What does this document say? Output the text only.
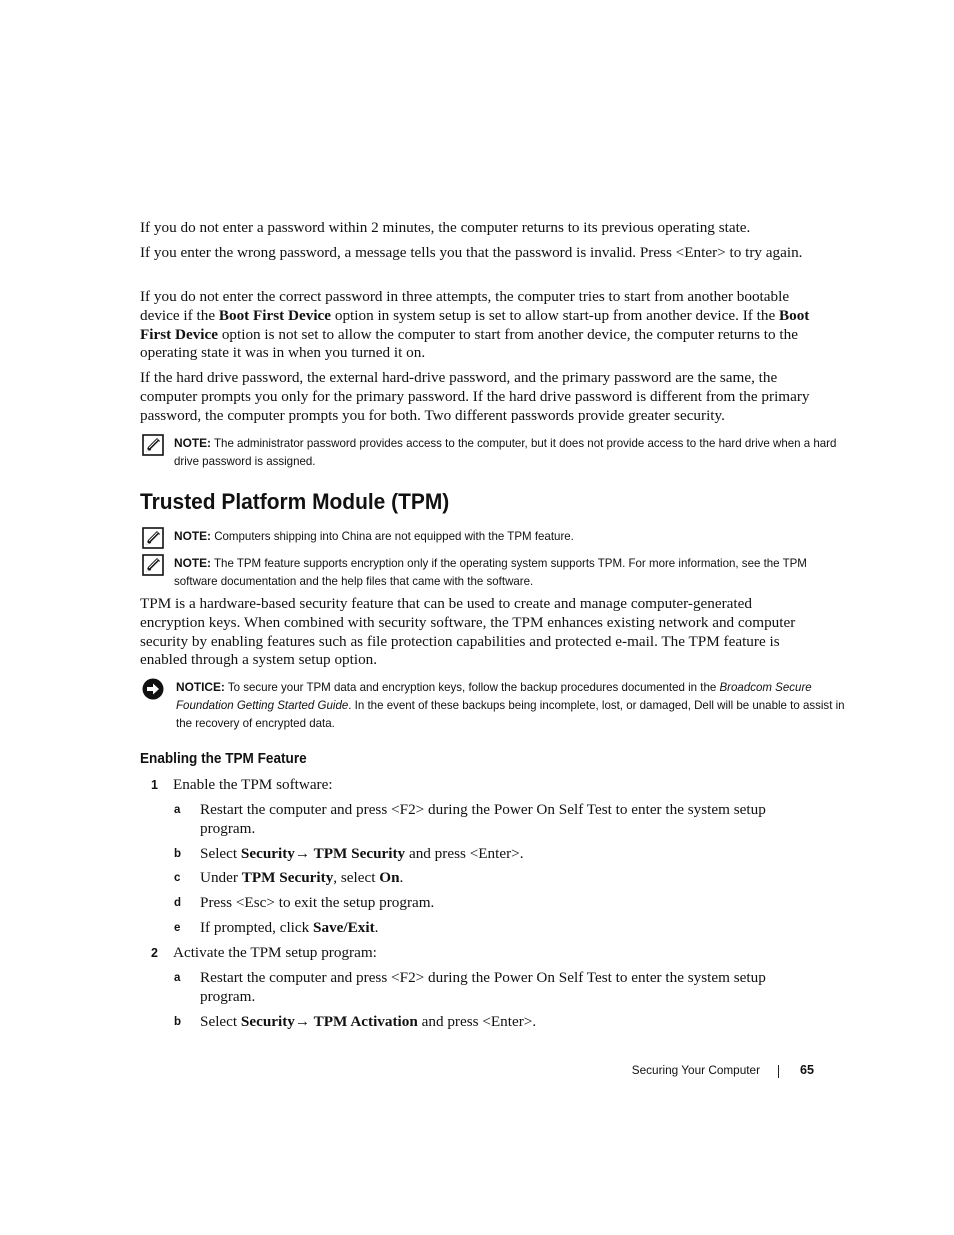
If you do not enter a password within 2 minutes, the computer returns to its previous operating state.

If you enter the wrong password, a message tells you that the password is invalid. Press <Enter> to try again.

If you do not enter the correct password in three attempts, the computer tries to start from another bootable device if the Boot First Device option in system setup is set to allow start-up from another device. If the Boot First Device option is not set to allow the computer to start from another device, the computer returns to the operating state it was in when you turned it on.

If the hard drive password, the external hard-drive password, and the primary password are the same, the computer prompts you only for the primary password. If the hard drive password is different from the primary password, the computer prompts you for both. Two different passwords provide greater security.

NOTE: The administrator password provides access to the computer, but it does not provide access to the hard drive when a hard drive password is assigned.
Trusted Platform Module (TPM)
NOTE: Computers shipping into China are not equipped with the TPM feature.
NOTE: The TPM feature supports encryption only if the operating system supports TPM. For more information, see the TPM software documentation and the help files that came with the software.

TPM is a hardware-based security feature that can be used to create and manage computer-generated encryption keys. When combined with security software, the TPM enhances existing network and computer security by enabling features such as file protection capabilities and protected e-mail. The TPM feature is enabled through a system setup option.

NOTICE: To secure your TPM data and encryption keys, follow the backup procedures documented in the Broadcom Secure Foundation Getting Started Guide. In the event of these backups being incomplete, lost, or damaged, Dell will be unable to assist in the recovery of encrypted data.
Enabling the TPM Feature
1 Enable the TPM software:
a Restart the computer and press <F2> during the Power On Self Test to enter the system setup program.
b Select Security→ TPM Security and press <Enter>.
c Under TPM Security, select On.
d Press <Esc> to exit the setup program.
e If prompted, click Save/Exit.
2 Activate the TPM setup program:
a Restart the computer and press <F2> during the Power On Self Test to enter the system setup program.
b Select Security→ TPM Activation and press <Enter>.
Securing Your Computer	65
